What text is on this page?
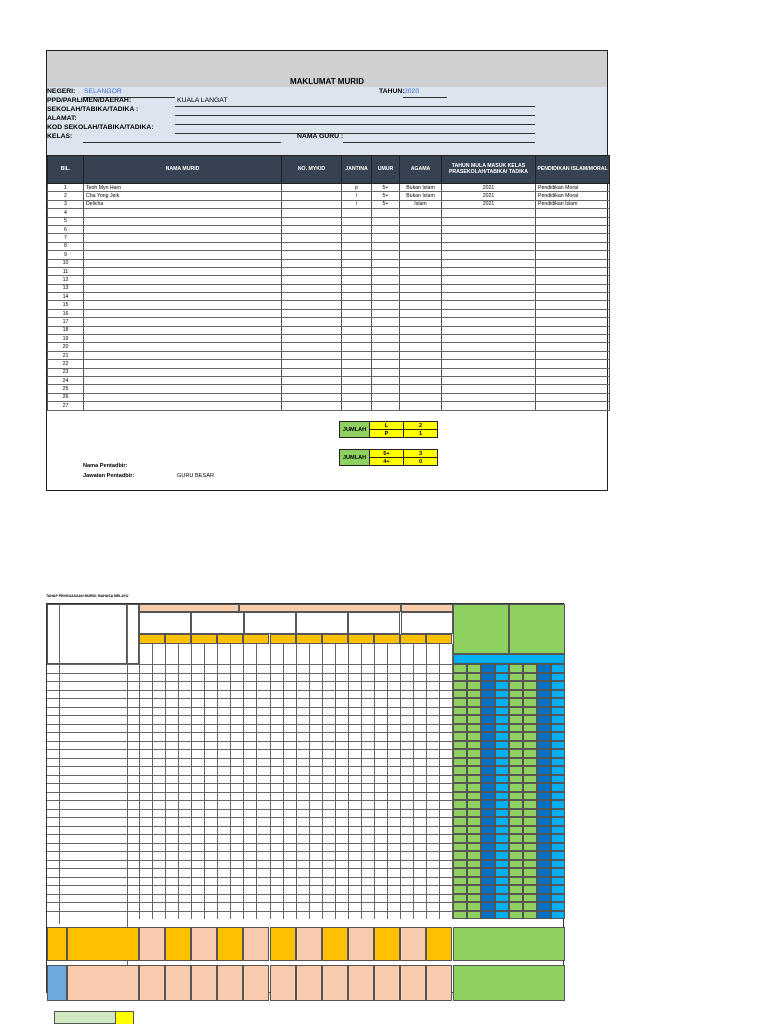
MAKLUMAT MURID
NEGERI: SELANGOR	TAHUN: 2020
PPD/PARLIMEN/DAERAH:	KUALA LANGAT
SEKOLAH/TABIKA/TADIKA :
ALAMAT:
KOD SEKOLAH/TABIKA/TADIKA:
KELAS:	NAMA GURU :
BIL.	NAMA MURID	NO. MYKID	JANTINA	UMUR	AGAMA	TAHUN MULA MASUK KELAS PRASEKOLAH/TABIKA/ TADIKA	PENDIDIKAN ISLAM/MORAL
1	Teoh Myn Harn		p	5+	Bukan Islam	2021	Pendidikan Moral
2	Cha Yong Jeik		l	5+	Bukan Islam	2021	Pendidikan Moral
3	Delicha		l	5+	Islam	2021	Pendidikan Islam
4							
5							
6							
7							
8							
9							
10							
11							
12							
13							
14							
15							
16							
17							
18							
19							
20							
21							
22							
23							
24							
25							
26							
27							
JUMLAH	L	2
	P	1
JUMLAH	5+	3
	4+	0
Nama Pentadbir:
Jawatan Pentadbir:	GURU BESAR
TAHAP PENGUASAAN MURID: BAHASA MELAYU
